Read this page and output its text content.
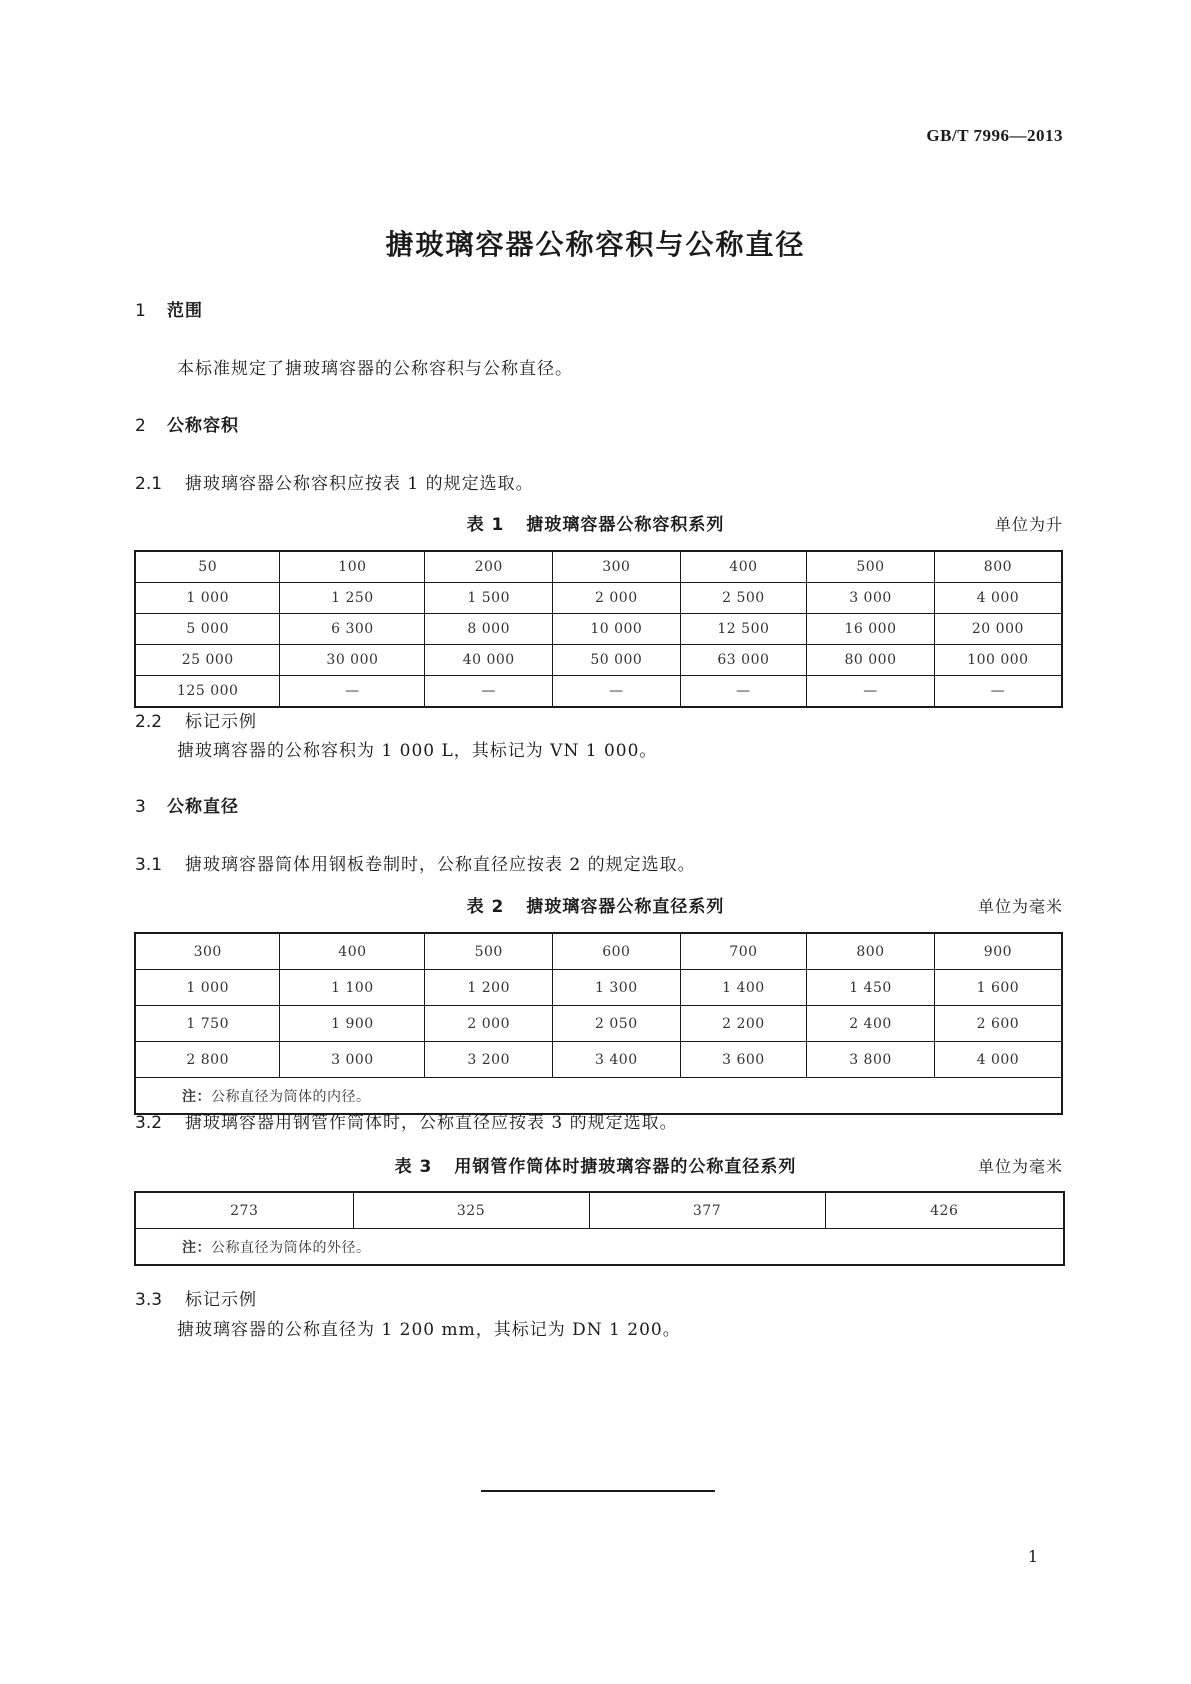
GB/T 7996—2013
搪玻璃容器公称容积与公称直径
1 范围
本标准规定了搪玻璃容器的公称容积与公称直径。
2 公称容积
2.1 搪玻璃容器公称容积应按表 1 的规定选取。
表 1 搪玻璃容器公称容积系列	单位为升
50	100	200	300	400	500	800
1 000	1 250	1 500	2 000	2 500	3 000	4 000
5 000	6 300	8 000	10 000	12 500	16 000	20 000
25 000	30 000	40 000	50 000	63 000	80 000	100 000
125 000	—	—	—	—	—	—
2.2 标记示例
搪玻璃容器的公称容积为 1 000 L，其标记为 VN 1 000。
3 公称直径
3.1 搪玻璃容器筒体用钢板卷制时，公称直径应按表 2 的规定选取。
表 2 搪玻璃容器公称直径系列	单位为毫米
300	400	500	600	700	800	900
1 000	1 100	1 200	1 300	1 400	1 450	1 600
1 750	1 900	2 000	2 050	2 200	2 400	2 600
2 800	3 000	3 200	3 400	3 600	3 800	4 000
注：公称直径为筒体的内径。						
3.2 搪玻璃容器用钢管作筒体时，公称直径应按表 3 的规定选取。
表 3 用钢管作筒体时搪玻璃容器的公称直径系列	单位为毫米
273	325	377	426
注：公称直径为筒体的外径。
3.3 标记示例
搪玻璃容器的公称直径为 1 200 mm，其标记为 DN 1 200。
1
